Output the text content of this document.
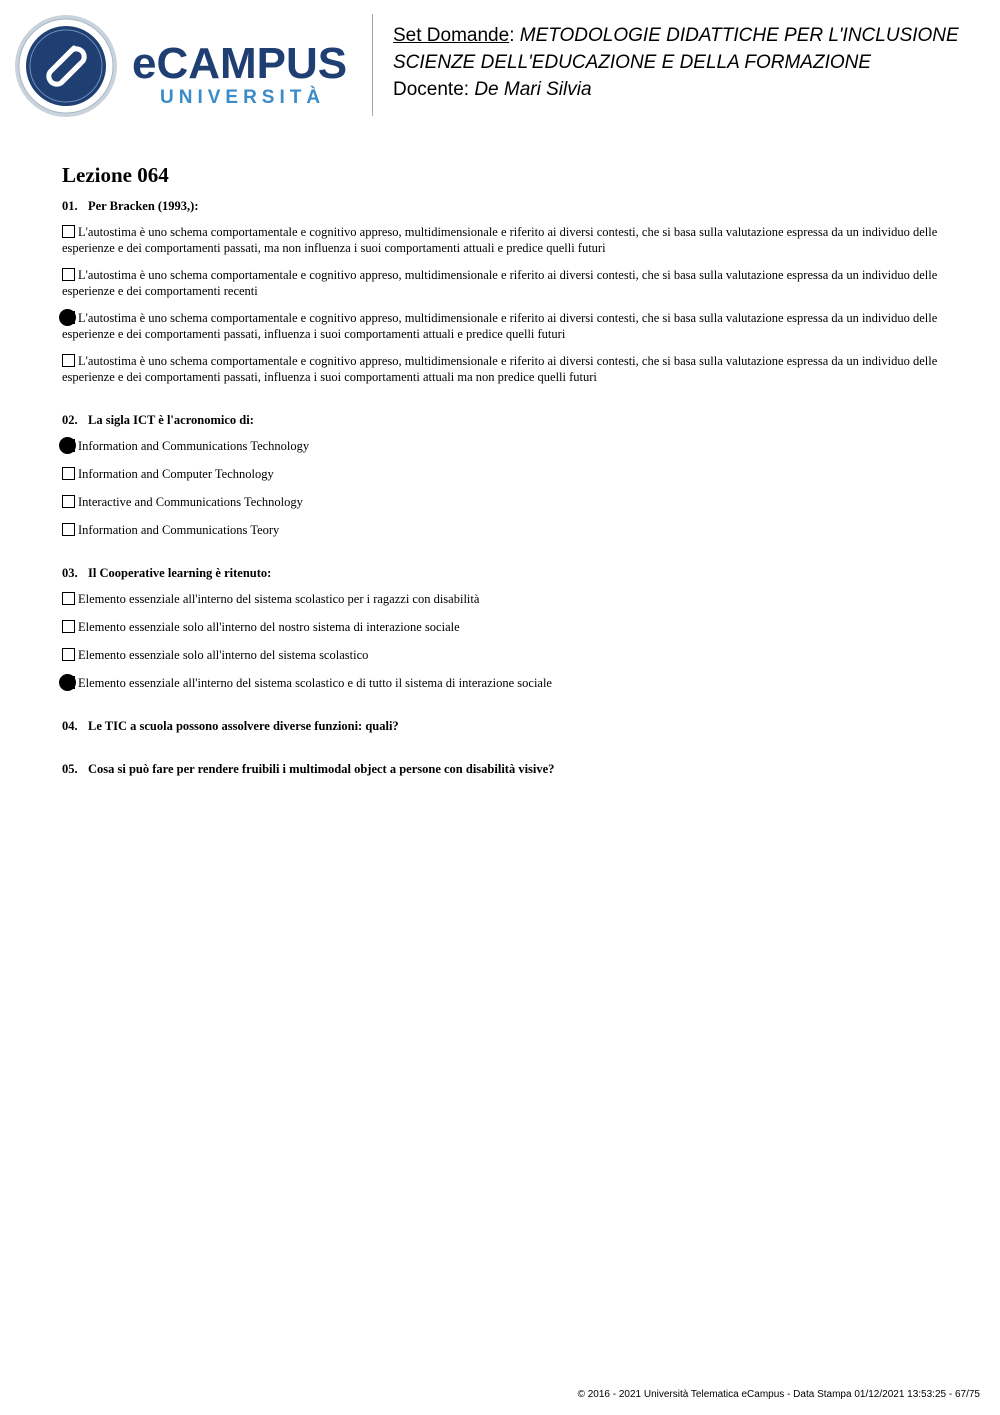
eCAMPUS
UNIVERSITÀ
Set Domande: METODOLOGIE DIDATTICHE PER L'INCLUSIONE
SCIENZE DELL'EDUCAZIONE E DELLA FORMAZIONE
Docente: De Mari Silvia
Lezione 064
01. Per Bracken (1993,):
L'autostima è uno schema comportamentale e cognitivo appreso, multidimensionale e riferito ai diversi contesti, che si basa sulla valutazione espressa da un individuo delle esperienze e dei comportamenti passati, ma non influenza i suoi comportamenti attuali e predice quelli futuri
L'autostima è uno schema comportamentale e cognitivo appreso, multidimensionale e riferito ai diversi contesti, che si basa sulla valutazione espressa da un individuo delle esperienze e dei comportamenti recenti
L'autostima è uno schema comportamentale e cognitivo appreso, multidimensionale e riferito ai diversi contesti, che si basa sulla valutazione espressa da un individuo delle esperienze e dei comportamenti passati, influenza i suoi comportamenti attuali e predice quelli futuri
L'autostima è uno schema comportamentale e cognitivo appreso, multidimensionale e riferito ai diversi contesti, che si basa sulla valutazione espressa da un individuo delle esperienze e dei comportamenti passati, influenza i suoi comportamenti attuali ma non predice quelli futuri
02. La sigla ICT è l'acronomico di:
Information and Communications Technology
Information and Computer Technology
Interactive and Communications Technology
Information and Communications Teory
03. Il Cooperative learning è ritenuto:
Elemento essenziale all'interno del sistema scolastico per i ragazzi con disabilità
Elemento essenziale solo all'interno del nostro sistema di interazione sociale
Elemento essenziale solo all'interno del sistema scolastico
Elemento essenziale all'interno del sistema scolastico e di tutto il sistema di interazione sociale
04. Le TIC a scuola possono assolvere diverse funzioni: quali?
05. Cosa si può fare per rendere fruibili i multimodal object a persone con disabilità visive?
© 2016 - 2021 Università Telematica eCampus - Data Stampa 01/12/2021 13:53:25 - 67/75
